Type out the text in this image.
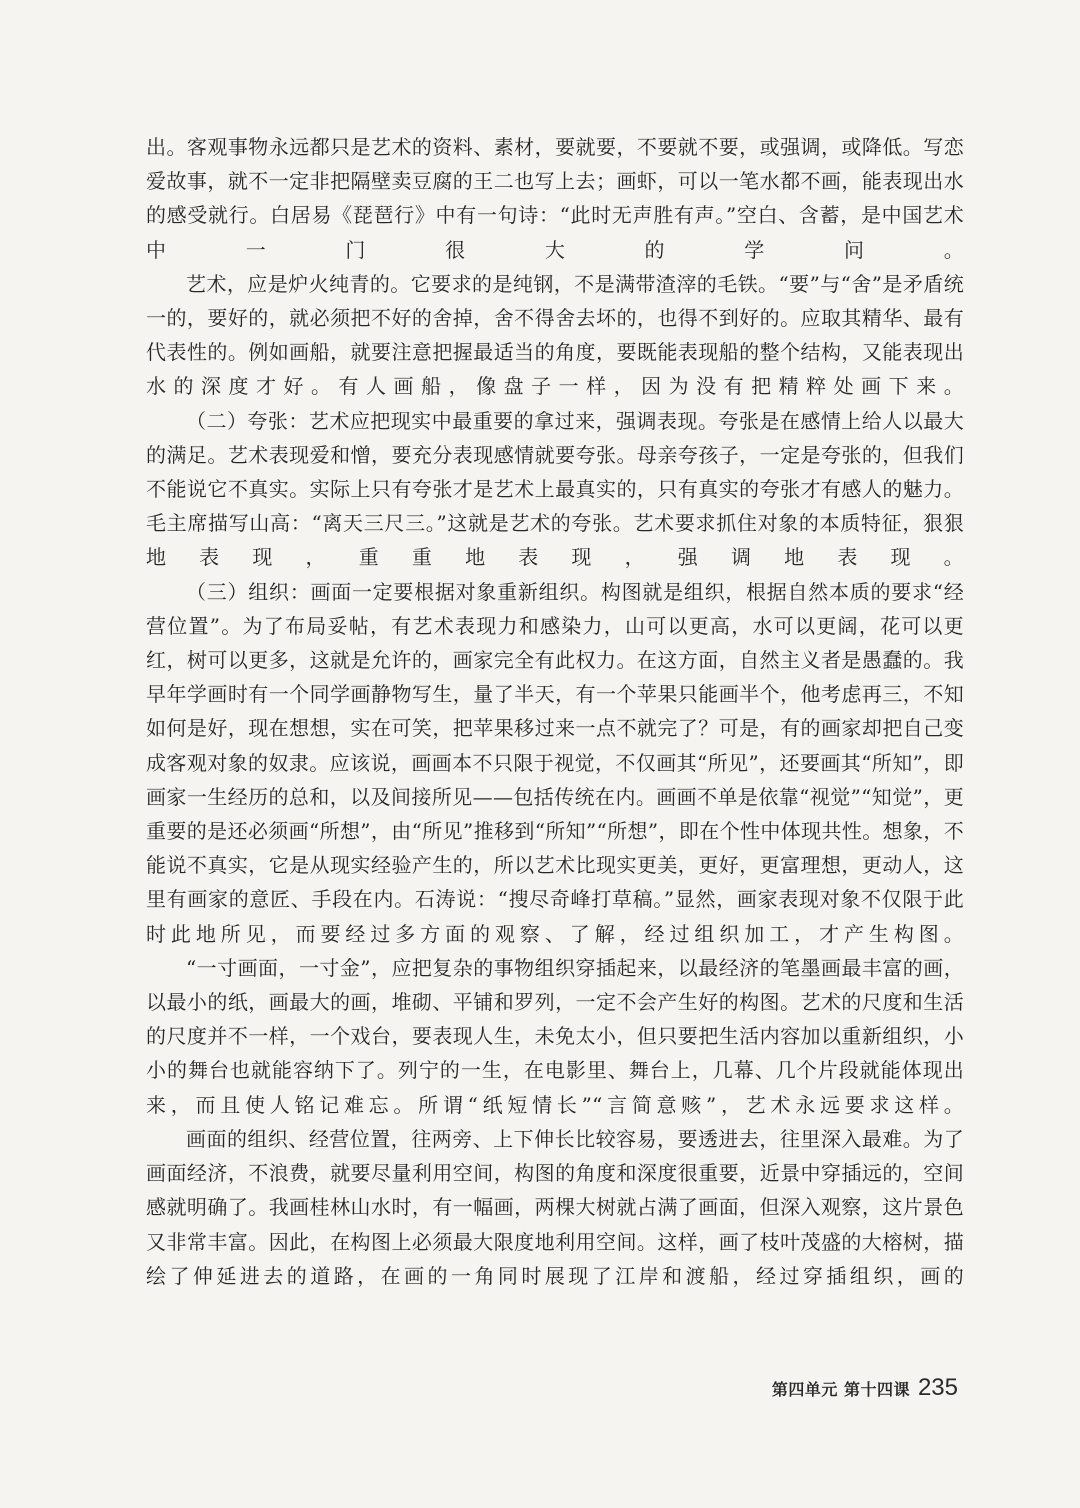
出。客观事物永远都只是艺术的资料、素材，要就要，不要就不要，或强调，或降低。写恋爱故事，就不一定非把隔壁卖豆腐的王二也写上去；画虾，可以一笔水都不画，能表现出水的感受就行。白居易《琵琶行》中有一句诗：“此时无声胜有声。”空白、含蓄，是中国艺术中一门很大的学问。

艺术，应是炉火纯青的。它要求的是纯钢，不是满带渣滓的毛铁。“要”与“舍”是矛盾统一的，要好的，就必须把不好的舍掉，舍不得舍去坏的，也得不到好的。应取其精华、最有代表性的。例如画船，就要注意把握最适当的角度，要既能表现船的整个结构，又能表现出水的深度才好。有人画船，像盘子一样，因为没有把精粹处画下来。

（二）夸张：艺术应把现实中最重要的拿过来，强调表现。夸张是在感情上给人以最大的满足。艺术表现爱和憎，要充分表现感情就要夸张。母亲夸孩子，一定是夸张的，但我们不能说它不真实。实际上只有夸张才是艺术上最真实的，只有真实的夸张才有感人的魅力。毛主席描写山高：“离天三尺三。”这就是艺术的夸张。艺术要求抓住对象的本质特征，狠狠地表现，重重地表现，强调地表现。

（三）组织：画面一定要根据对象重新组织。构图就是组织，根据自然本质的要求“经营位置”。为了布局妥帖，有艺术表现力和感染力，山可以更高，水可以更阔，花可以更红，树可以更多，这就是允许的，画家完全有此权力。在这方面，自然主义者是愚蠢的。我早年学画时有一个同学画静物写生，量了半天，有一个苹果只能画半个，他考虑再三，不知如何是好，现在想想，实在可笑，把苹果移过来一点不就完了？可是，有的画家却把自己变成客观对象的奴隶。应该说，画画本不只限于视觉，不仅画其“所见”，还要画其“所知”，即画家一生经历的总和，以及间接所见——包括传统在内。画画不单是依靠“视觉”“知觉”，更重要的是还必须画“所想”，由“所见”推移到“所知”“所想”，即在个性中体现共性。想象，不能说不真实，它是从现实经验产生的，所以艺术比现实更美，更好，更富理想，更动人，这里有画家的意匠、手段在内。石涛说：“搜尽奇峰打草稿。”显然，画家表现对象不仅限于此时此地所见，而要经过多方面的观察、了解，经过组织加工，才产生构图。

“一寸画面，一寸金”，应把复杂的事物组织穿插起来，以最经济的笔墨画最丰富的画，以最小的纸，画最大的画，堆砌、平铺和罗列，一定不会产生好的构图。艺术的尺度和生活的尺度并不一样，一个戏台，要表现人生，未免太小，但只要把生活内容加以重新组织，小小的舞台也就能容纳下了。列宁的一生，在电影里、舞台上，几幕、几个片段就能体现出来，而且使人铭记难忘。所谓“纸短情长”“言简意赅”，艺术永远要求这样。

画面的组织、经营位置，往两旁、上下伸长比较容易，要透进去，往里深入最难。为了画面经济，不浪费，就要尽量利用空间，构图的角度和深度很重要，近景中穿插远的，空间感就明确了。我画桂林山水时，有一幅画，两棵大树就占满了画面，但深入观察，这片景色又非常丰富。因此，在构图上必须最大限度地利用空间。这样，画了枝叶茂盛的大榕树，描绘了伸延进去的道路，在画的一角同时展现了江岸和渡船，经过穿插组织，画的

第四单元 第十四课 235
